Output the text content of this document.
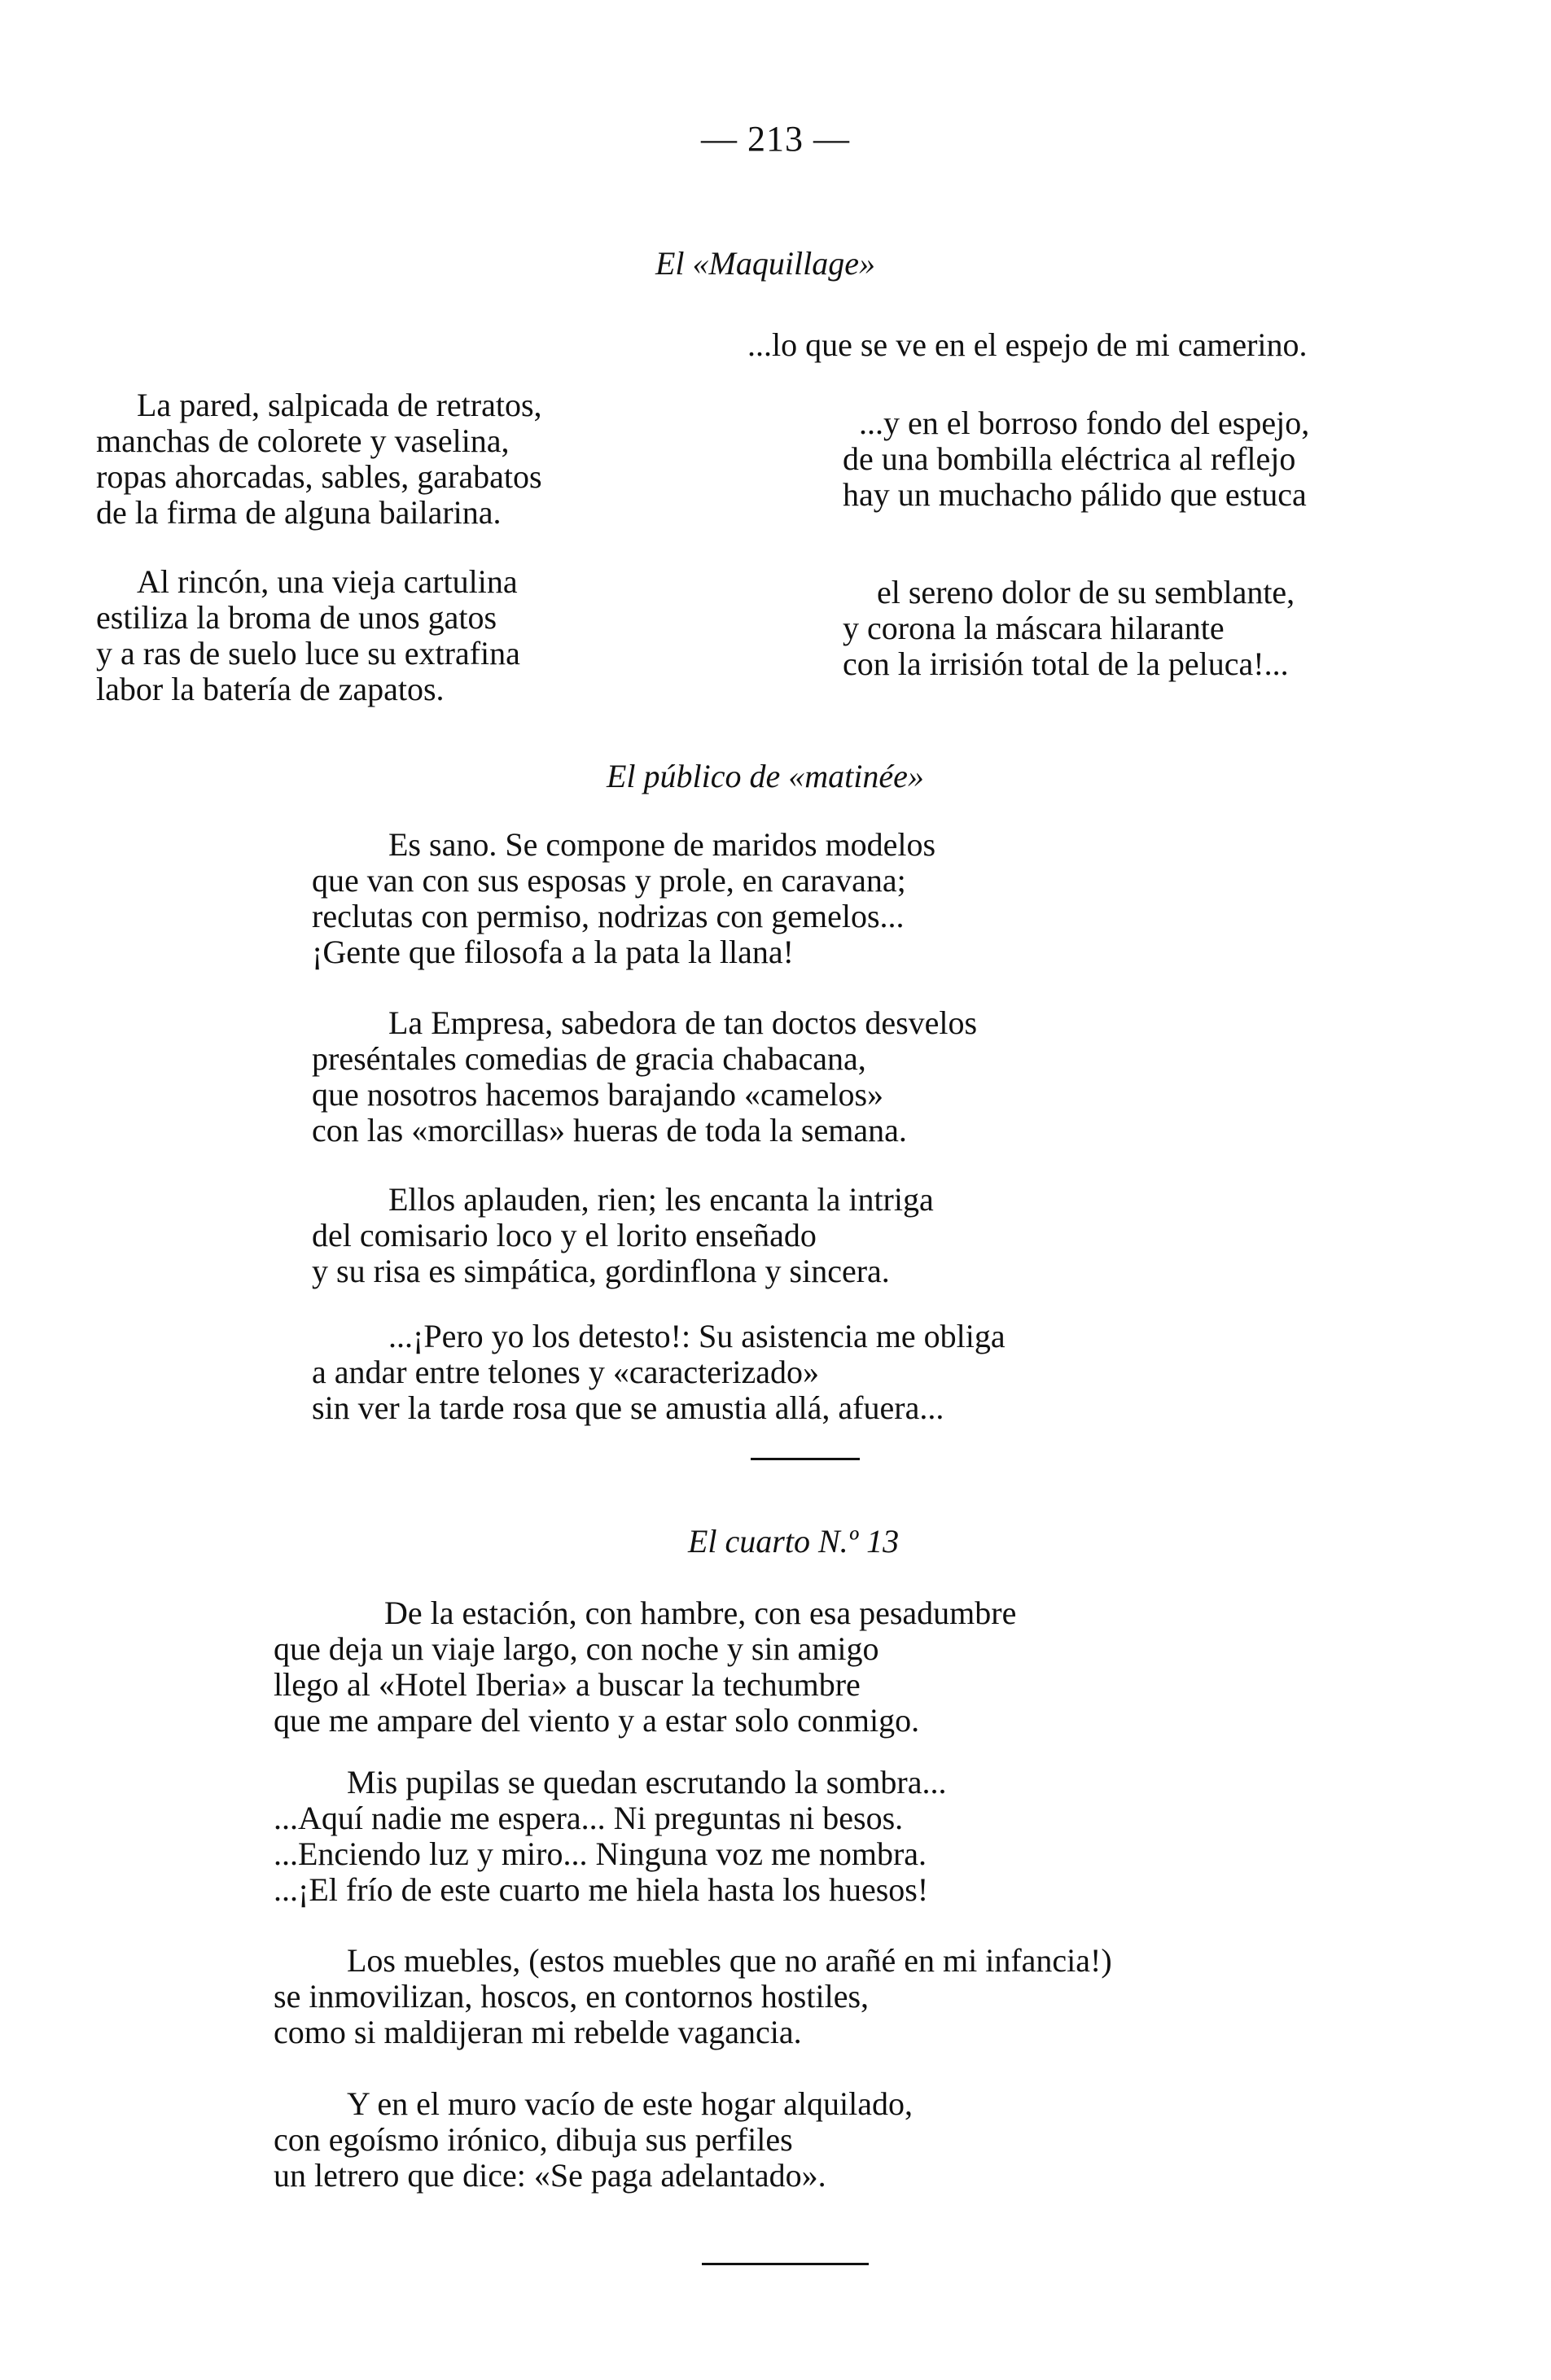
— 213 —
El «Maquillage»
...lo que se ve en el espejo de mi camerino.
La pared, salpicada de retratos,
manchas de colorete y vaselina,
ropas ahorcadas, sables, garabatos
de la firma de alguna bailarina.
Al rincón, una vieja cartulina
estiliza la broma de unos gatos
y a ras de suelo luce su extrafina
labor la batería de zapatos.
...y en el borroso fondo del espejo,
de una bombilla eléctrica al reflejo
hay un muchacho pálido que estuca
el sereno dolor de su semblante,
y corona la máscara hilarante
con la irrisión total de la peluca!...
El público de «matinée»
Es sano. Se compone de maridos modelos
que van con sus esposas y prole, en caravana;
reclutas con permiso, nodrizas con gemelos...
¡Gente que filosofa a la pata la llana!
La Empresa, sabedora de tan doctos desvelos
preséntales comedias de gracia chabacana,
que nosotros hacemos barajando «camelos»
con las «morcillas» hueras de toda la semana.
Ellos aplauden, rien; les encanta la intriga
del comisario loco y el lorito enseñado
y su risa es simpática, gordinflona y sincera.
...¡Pero yo los detesto!: Su asistencia me obliga
a andar entre telones y «caracterizado»
sin ver la tarde rosa que se amustia allá, afuera...
El cuarto N.º 13
De la estación, con hambre, con esa pesadumbre
que deja un viaje largo, con noche y sin amigo
llego al «Hotel Iberia» a buscar la techumbre
que me ampare del viento y a estar solo conmigo.
Mis pupilas se quedan escrutando la sombra...
...Aquí nadie me espera... Ni preguntas ni besos.
...Enciendo luz y miro... Ninguna voz me nombra.
...¡El frío de este cuarto me hiela hasta los huesos!
Los muebles, (estos muebles que no arañé en mi infancia!)
se inmovilizan, hoscos, en contornos hostiles,
como si maldijeran mi rebelde vagancia.
Y en el muro vacío de este hogar alquilado,
con egoísmo irónico, dibuja sus perfiles
un letrero que dice: «Se paga adelantado».
